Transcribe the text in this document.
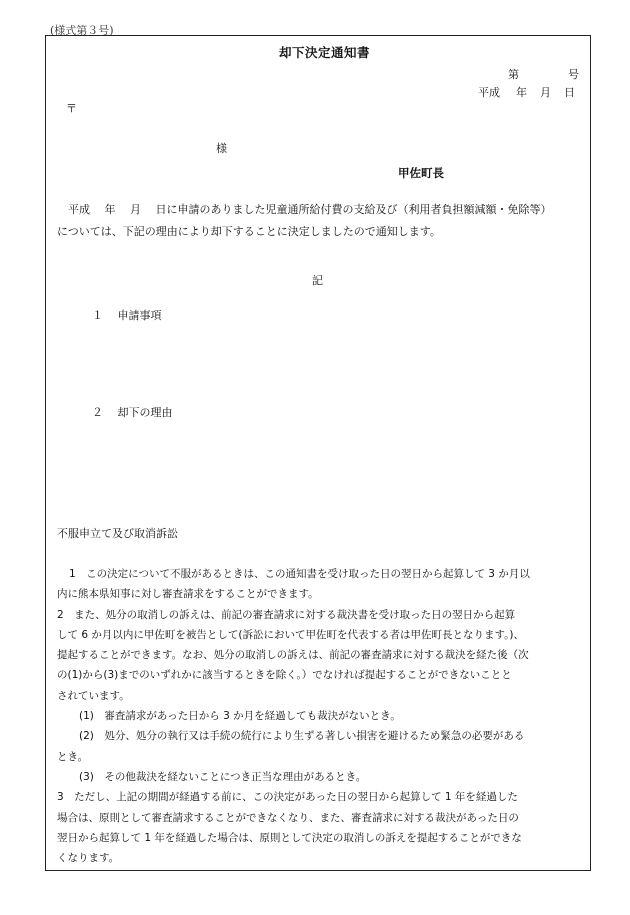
(様式第３号)
却下決定通知書
第	号
平成 年 月 日
〒
様
甲佐町長
　平成　 年　 月　 日に申請のありました児童通所給付費の支給及び（利用者負担額減額・免除等）
については、下記の理由により却下することに決定しましたので通知します。
記
１　 申請事項
２　 却下の理由
不服申立て及び取消訴訟
1　この決定について不服があるときは、この通知書を受け取った日の翌日から起算して 3 か月以
内に熊本県知事に対し審査請求をすることができます。
2　また、処分の取消しの訴えは、前記の審査請求に対する裁決書を受け取った日の翌日から起算
して 6 か月以内に甲佐町を被告として(訴訟において甲佐町を代表する者は甲佐町長となります。)、
提起することができます。なお、処分の取消しの訴えは、前記の審査請求に対する裁決を経た後（次
の(1)から(3)までのいずれかに該当するときを除く。）でなければ提起することができないことと
されています。
(1)　審査請求があった日から 3 か月を経過しても裁決がないとき。
(2)　処分、処分の執行又は手続の続行により生ずる著しい損害を避けるため緊急の必要がある
とき。
(3)　その他裁決を経ないことにつき正当な理由があるとき。
3　ただし、上記の期間が経過する前に、この決定があった日の翌日から起算して 1 年を経過した
場合は、原則として審査請求することができなくなり、また、審査請求に対する裁決があった日の
翌日から起算して 1 年を経過した場合は、原則として決定の取消しの訴えを提起することができな
くなります。
